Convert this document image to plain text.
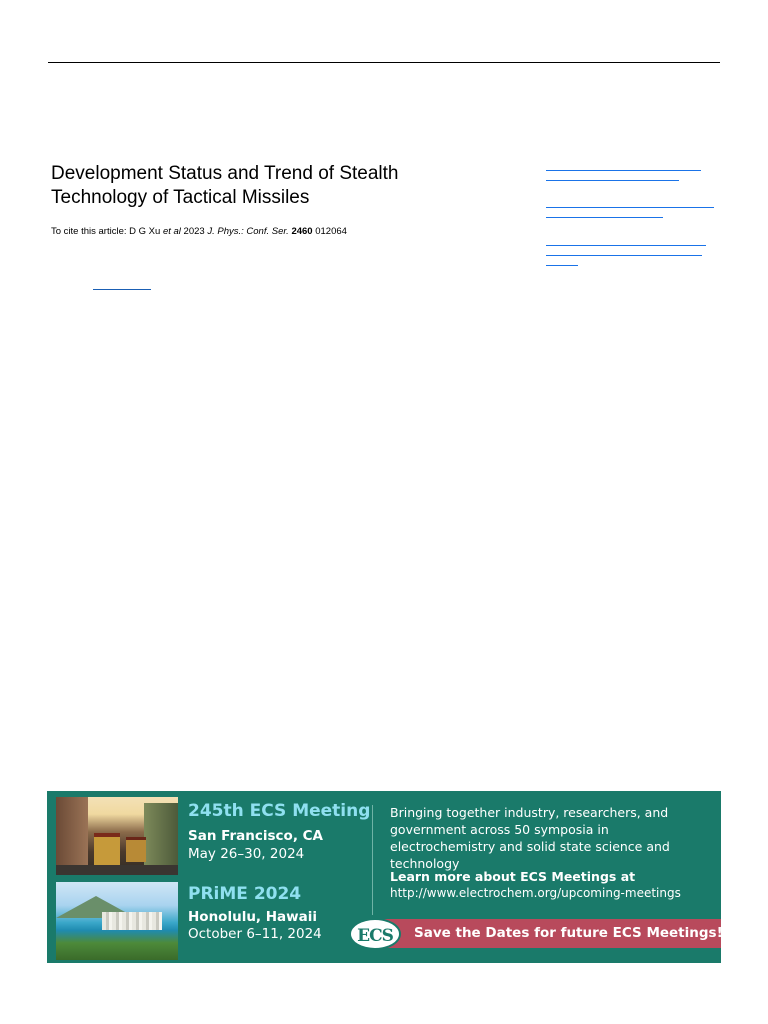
Development Status and Trend of Stealth Technology of Tactical Missiles
To cite this article: D G Xu et al 2023 J. Phys.: Conf. Ser. 2460 012064
245th ECS Meeting
San Francisco, CA
May 26–30, 2024
PRiME 2024
Honolulu, Hawaii
October 6–11, 2024
Bringing together industry, researchers, and government across 50 symposia in electrochemistry and solid state science and technology
Learn more about ECS Meetings at
http://www.electrochem.org/upcoming-meetings
Save the Dates for future ECS Meetings!
ECS
